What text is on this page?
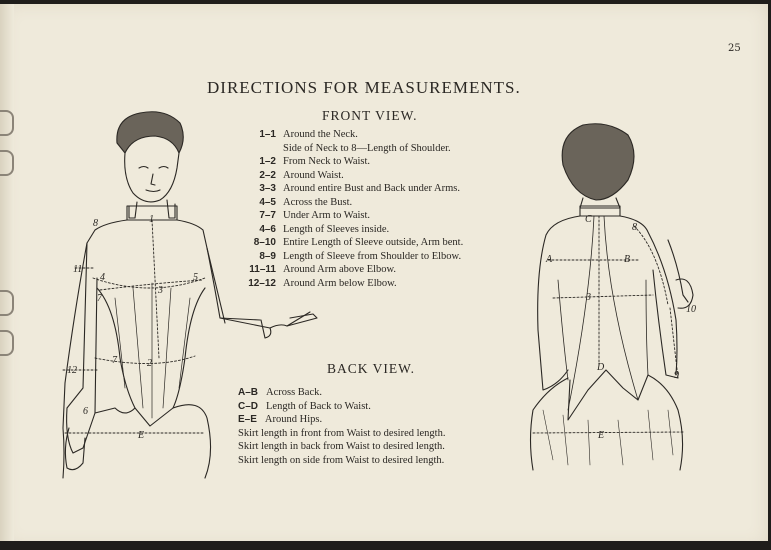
25
DIRECTIONS FOR MEASUREMENTS.
FRONT VIEW.
BACK VIEW.
1–1 Around the Neck.
Side of Neck to 8—Length of Shoulder.
1–2 From Neck to Waist.
2–2 Around Waist.
3–3 Around entire Bust and Back under Arms.
4–5 Across the Bust.
7–7 Under Arm to Waist.
4–6 Length of Sleeves inside.
8–10 Entire Length of Sleeve outside, Arm bent.
8–9 Length of Sleeve from Shoulder to Elbow.
11–11 Around Arm above Elbow.
12–12 Around Arm below Elbow.
A–B Across Back.
C–D Length of Back to Waist.
E–E Around Hips.
Skirt length in front from Waist to desired length.
Skirt length in back from Waist to desired length.
Skirt length on side from Waist to desired length.
1
2
3
4	5
6
7
7
8
11
12
E
A	B
C
D
E
3
8
9
10
